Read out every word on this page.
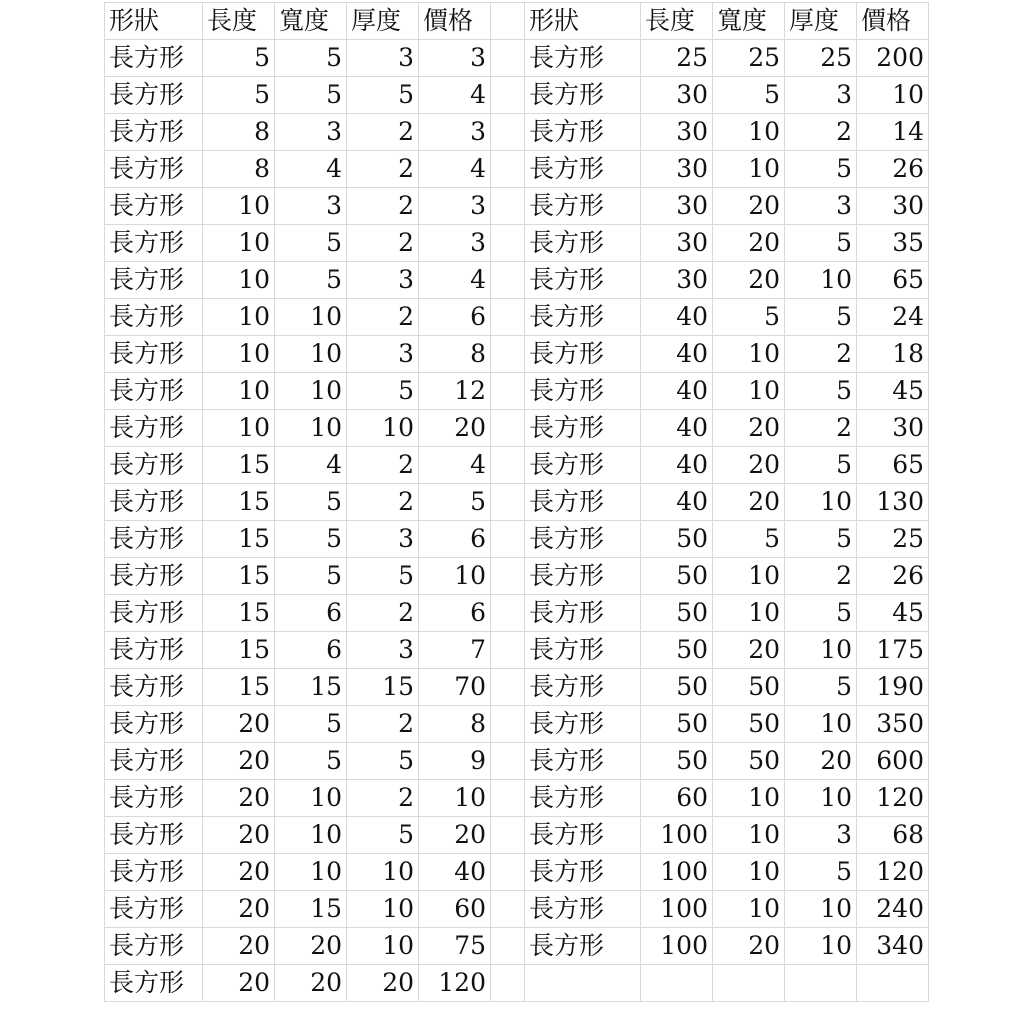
形狀	長度	寬度	厚度	價格		形狀	長度	寬度	厚度	價格
長方形	5	5	3	3		長方形	25	25	25	200
長方形	5	5	5	4		長方形	30	5	3	10
長方形	8	3	2	3		長方形	30	10	2	14
長方形	8	4	2	4		長方形	30	10	5	26
長方形	10	3	2	3		長方形	30	20	3	30
長方形	10	5	2	3		長方形	30	20	5	35
長方形	10	5	3	4		長方形	30	20	10	65
長方形	10	10	2	6		長方形	40	5	5	24
長方形	10	10	3	8		長方形	40	10	2	18
長方形	10	10	5	12		長方形	40	10	5	45
長方形	10	10	10	20		長方形	40	20	2	30
長方形	15	4	2	4		長方形	40	20	5	65
長方形	15	5	2	5		長方形	40	20	10	130
長方形	15	5	3	6		長方形	50	5	5	25
長方形	15	5	5	10		長方形	50	10	2	26
長方形	15	6	2	6		長方形	50	10	5	45
長方形	15	6	3	7		長方形	50	20	10	175
長方形	15	15	15	70		長方形	50	50	5	190
長方形	20	5	2	8		長方形	50	50	10	350
長方形	20	5	5	9		長方形	50	50	20	600
長方形	20	10	2	10		長方形	60	10	10	120
長方形	20	10	5	20		長方形	100	10	3	68
長方形	20	10	10	40		長方形	100	10	5	120
長方形	20	15	10	60		長方形	100	10	10	240
長方形	20	20	10	75		長方形	100	20	10	340
長方形	20	20	20	120						
